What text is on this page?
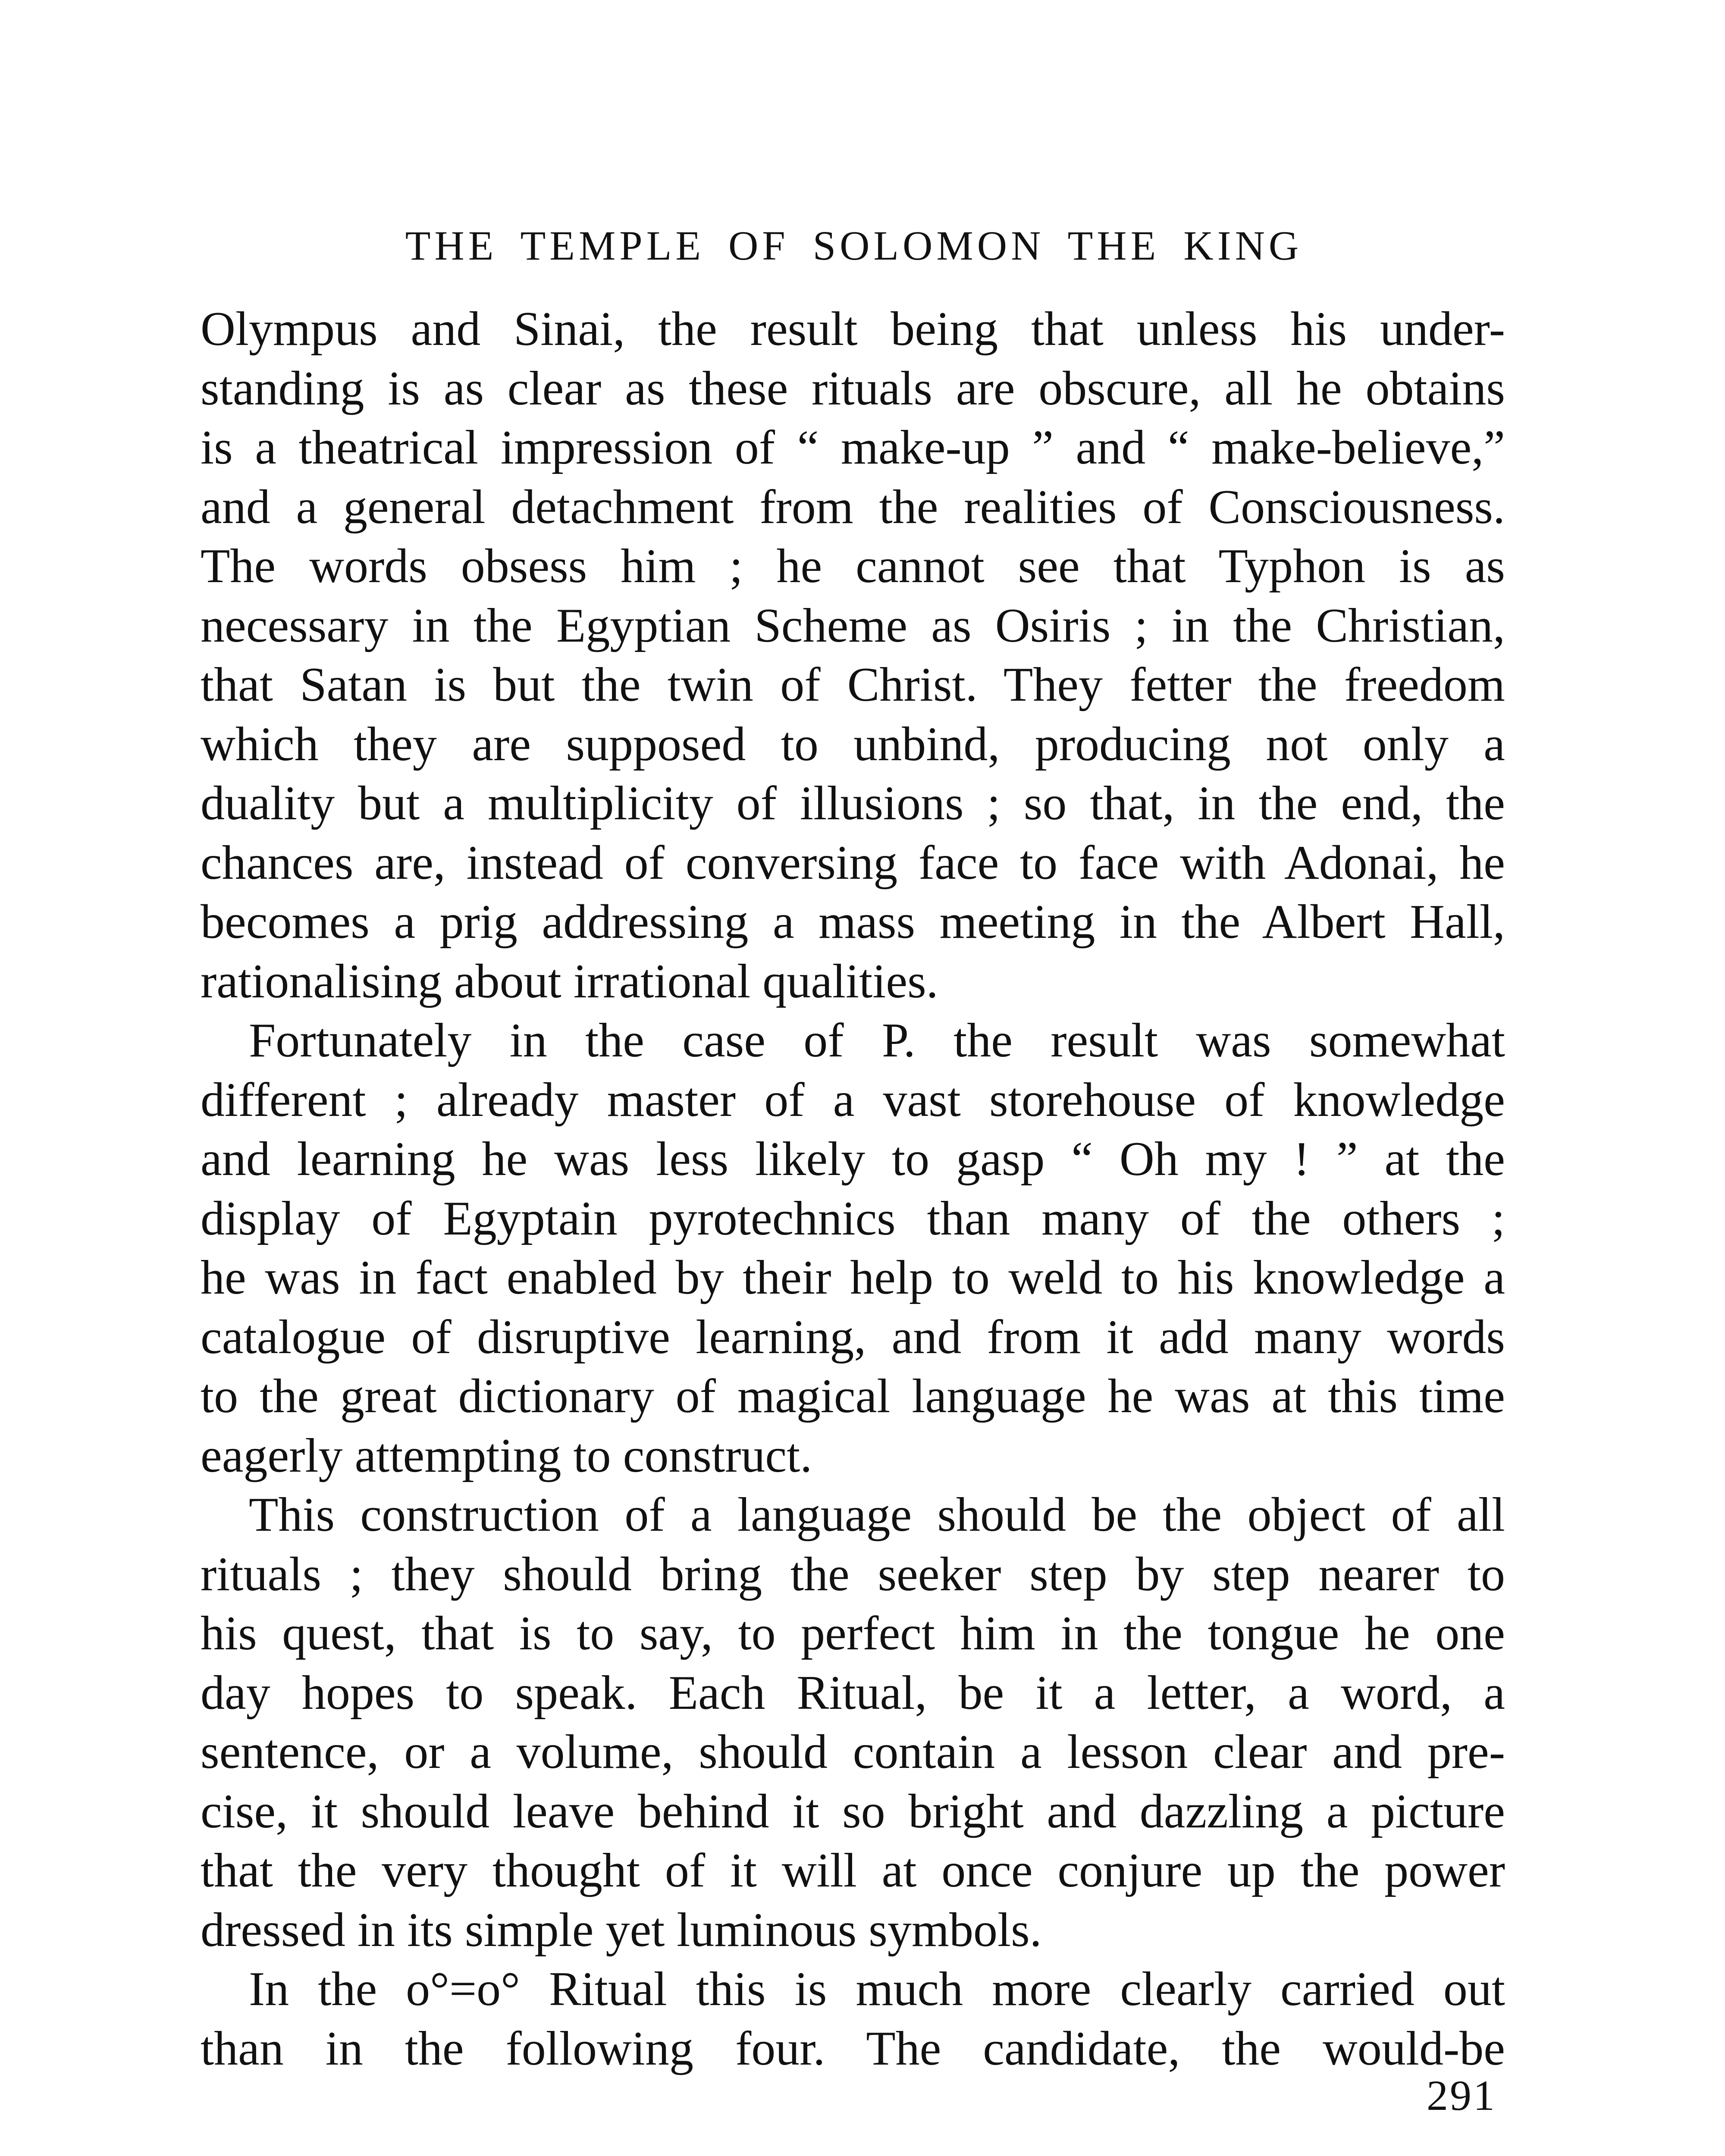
THE TEMPLE OF SOLOMON THE KING
Olympus and Sinai, the result being that unless his under-
standing is as clear as these rituals are obscure, all he obtains
is a theatrical impression of “ make-up ” and “ make-believe,”
and a general detachment from the realities of Consciousness.
The words obsess him ; he cannot see that Typhon is as
necessary in the Egyptian Scheme as Osiris ; in the Christian,
that Satan is but the twin of Christ. They fetter the freedom
which they are supposed to unbind, producing not only a
duality but a multiplicity of illusions ; so that, in the end, the
chances are, instead of conversing face to face with Adonai, he
becomes a prig addressing a mass meeting in the Albert Hall,
rationalising about irrational qualities.
Fortunately in the case of P. the result was somewhat
different ; already master of a vast storehouse of knowledge
and learning he was less likely to gasp “ Oh my ! ” at the
display of Egyptain pyrotechnics than many of the others ;
he was in fact enabled by their help to weld to his knowledge a
catalogue of disruptive learning, and from it add many words
to the great dictionary of magical language he was at this time
eagerly attempting to construct.
This construction of a language should be the object of all
rituals ; they should bring the seeker step by step nearer to
his quest, that is to say, to perfect him in the tongue he one
day hopes to speak. Each Ritual, be it a letter, a word, a
sentence, or a volume, should contain a lesson clear and pre-
cise, it should leave behind it so bright and dazzling a picture
that the very thought of it will at once conjure up the power
dressed in its simple yet luminous symbols.
In the o°=o° Ritual this is much more clearly carried out
than in the following four. The candidate, the would-be
291
